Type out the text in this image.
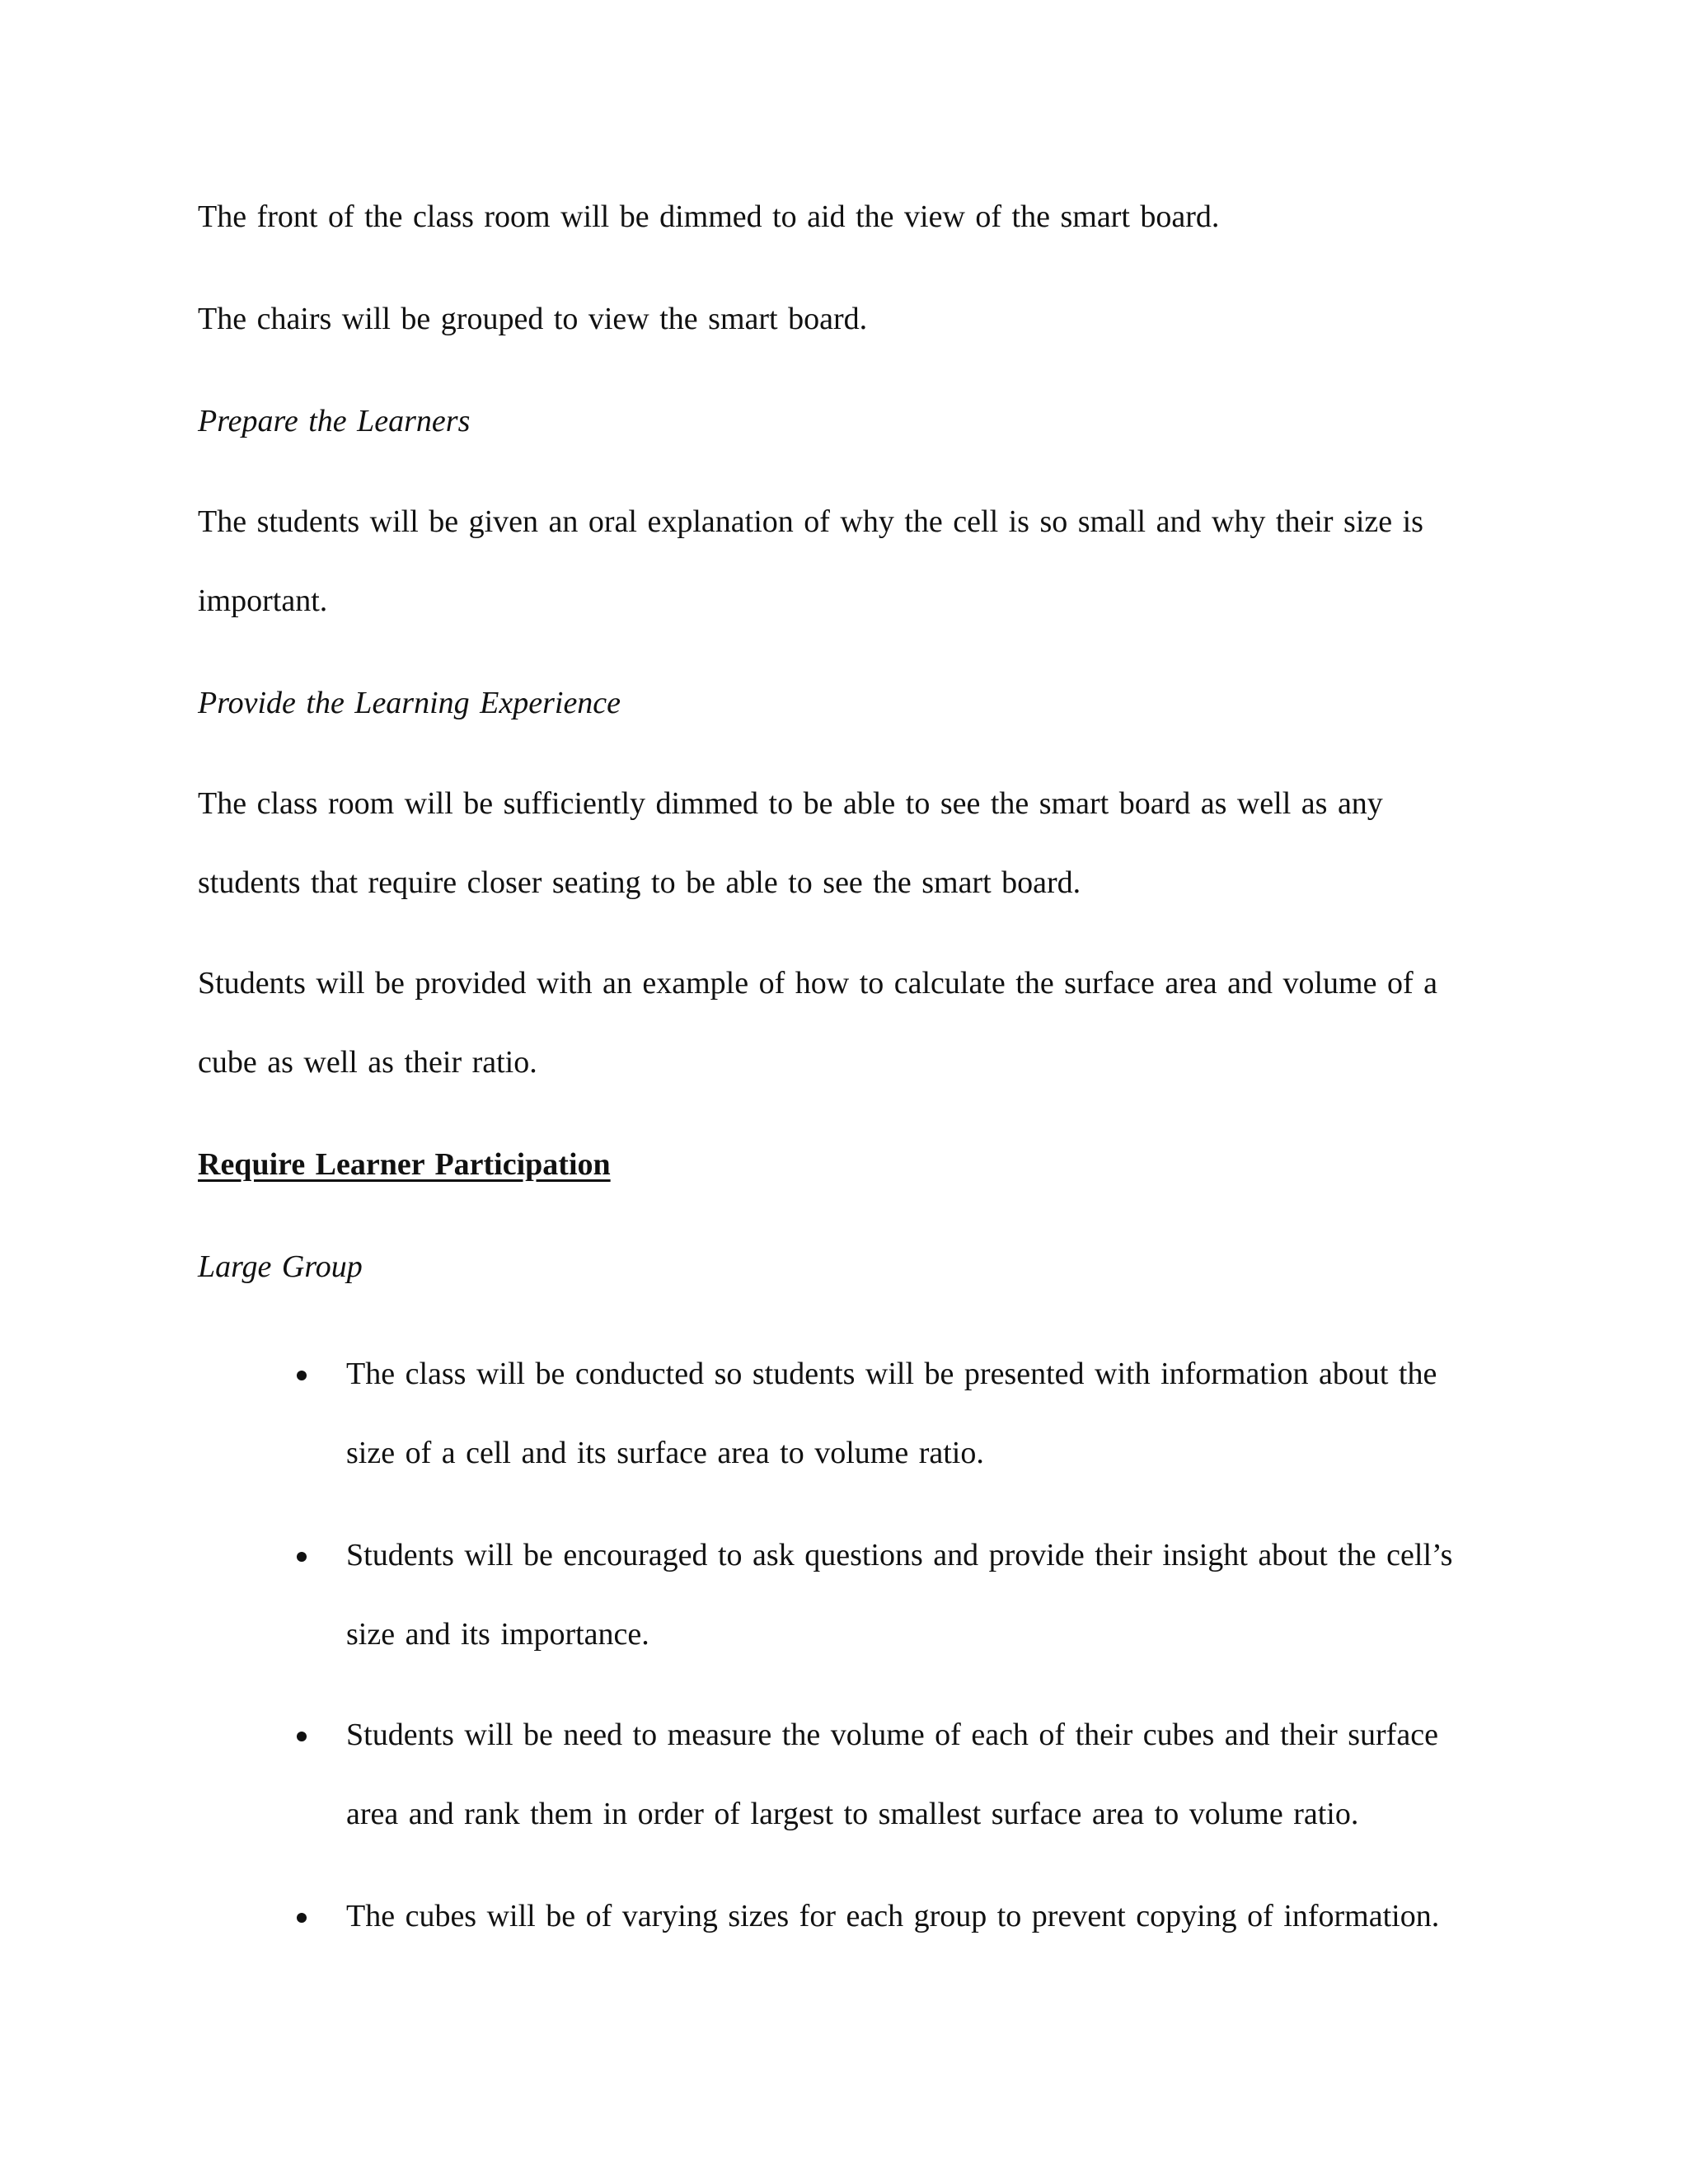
The front of the class room will be dimmed to aid the view of the smart board.
The chairs will be grouped to view the smart board.
Prepare the Learners
The students will be given an oral explanation of why the cell is so small and why their size is
important.
Provide the Learning Experience
The class room will be sufficiently dimmed to be able to see the smart board as well as any
students that require closer seating to be able to see the smart board.
Students will be provided with an example of how to calculate the surface area and volume of a
cube as well as their ratio.
Require Learner Participation
Large Group
The class will be conducted so students will be presented with information about the
size of a cell and its surface area to volume ratio.
Students will be encouraged to ask questions and provide their insight about the cell’s
size and its importance.
Students will be need to measure the volume of each of their cubes and their surface
area and rank them in order of largest to smallest surface area to volume ratio.
The cubes will be of varying sizes for each group to prevent copying of information.
